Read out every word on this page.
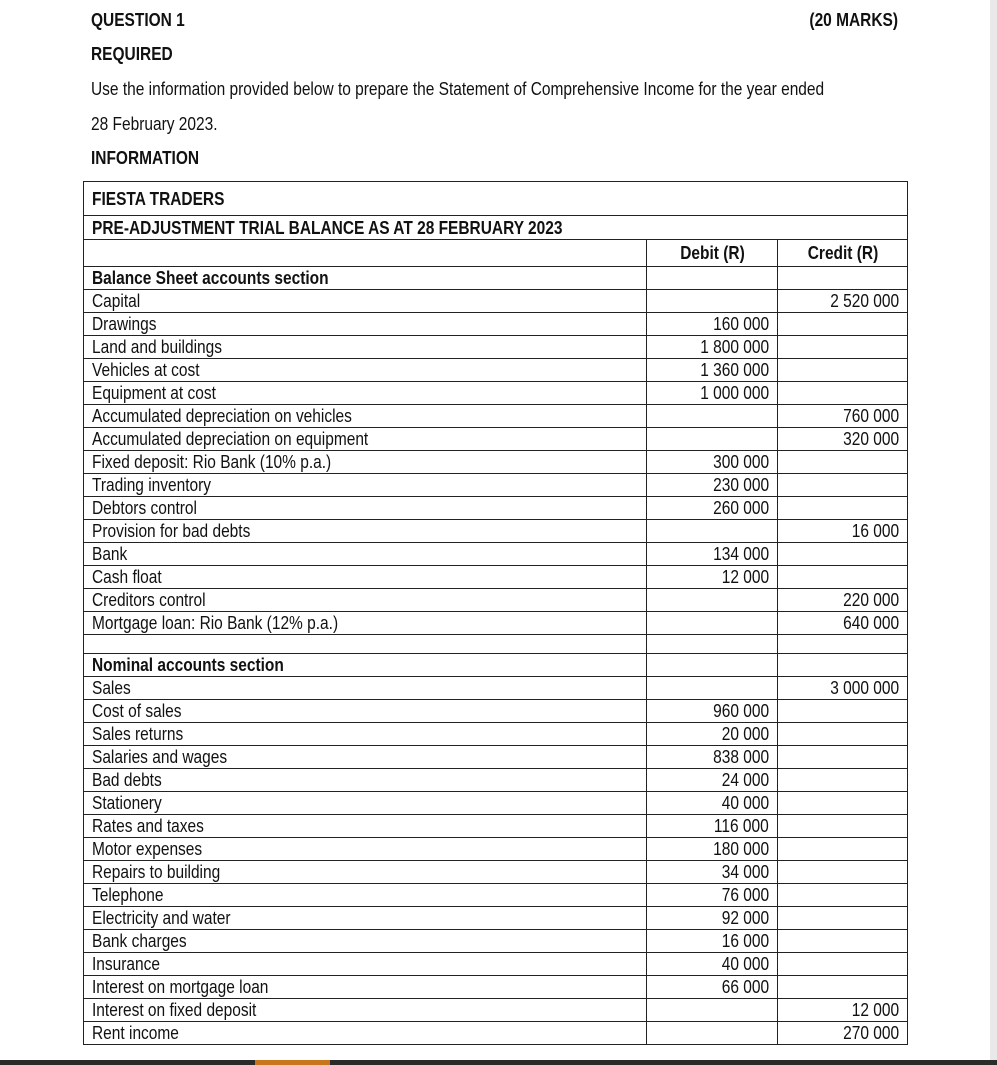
QUESTION 1	(20 MARKS)
REQUIRED
Use the information provided below to prepare the Statement of Comprehensive Income for the year ended
28 February 2023.
INFORMATION
FIESTA TRADERS		
PRE-ADJUSTMENT TRIAL BALANCE AS AT 28 FEBRUARY 2023		
	Debit (R)	Credit (R)
Balance Sheet accounts section		
Capital		2 520 000
Drawings	160 000	
Land and buildings	1 800 000	
Vehicles at cost	1 360 000	
Equipment at cost	1 000 000	
Accumulated depreciation on vehicles		760 000
Accumulated depreciation on equipment		320 000
Fixed deposit: Rio Bank (10% p.a.)	300 000	
Trading inventory	230 000	
Debtors control	260 000	
Provision for bad debts		16 000
Bank	134 000	
Cash float	12 000	
Creditors control		220 000
Mortgage loan: Rio Bank (12% p.a.)		640 000

Nominal accounts section		
Sales		3 000 000
Cost of sales	960 000	
Sales returns	20 000	
Salaries and wages	838 000	
Bad debts	24 000	
Stationery	40 000	
Rates and taxes	116 000	
Motor expenses	180 000	
Repairs to building	34 000	
Telephone	76 000	
Electricity and water	92 000	
Bank charges	16 000	
Insurance	40 000	
Interest on mortgage loan	66 000	
Interest on fixed deposit		12 000
Rent income		270 000
